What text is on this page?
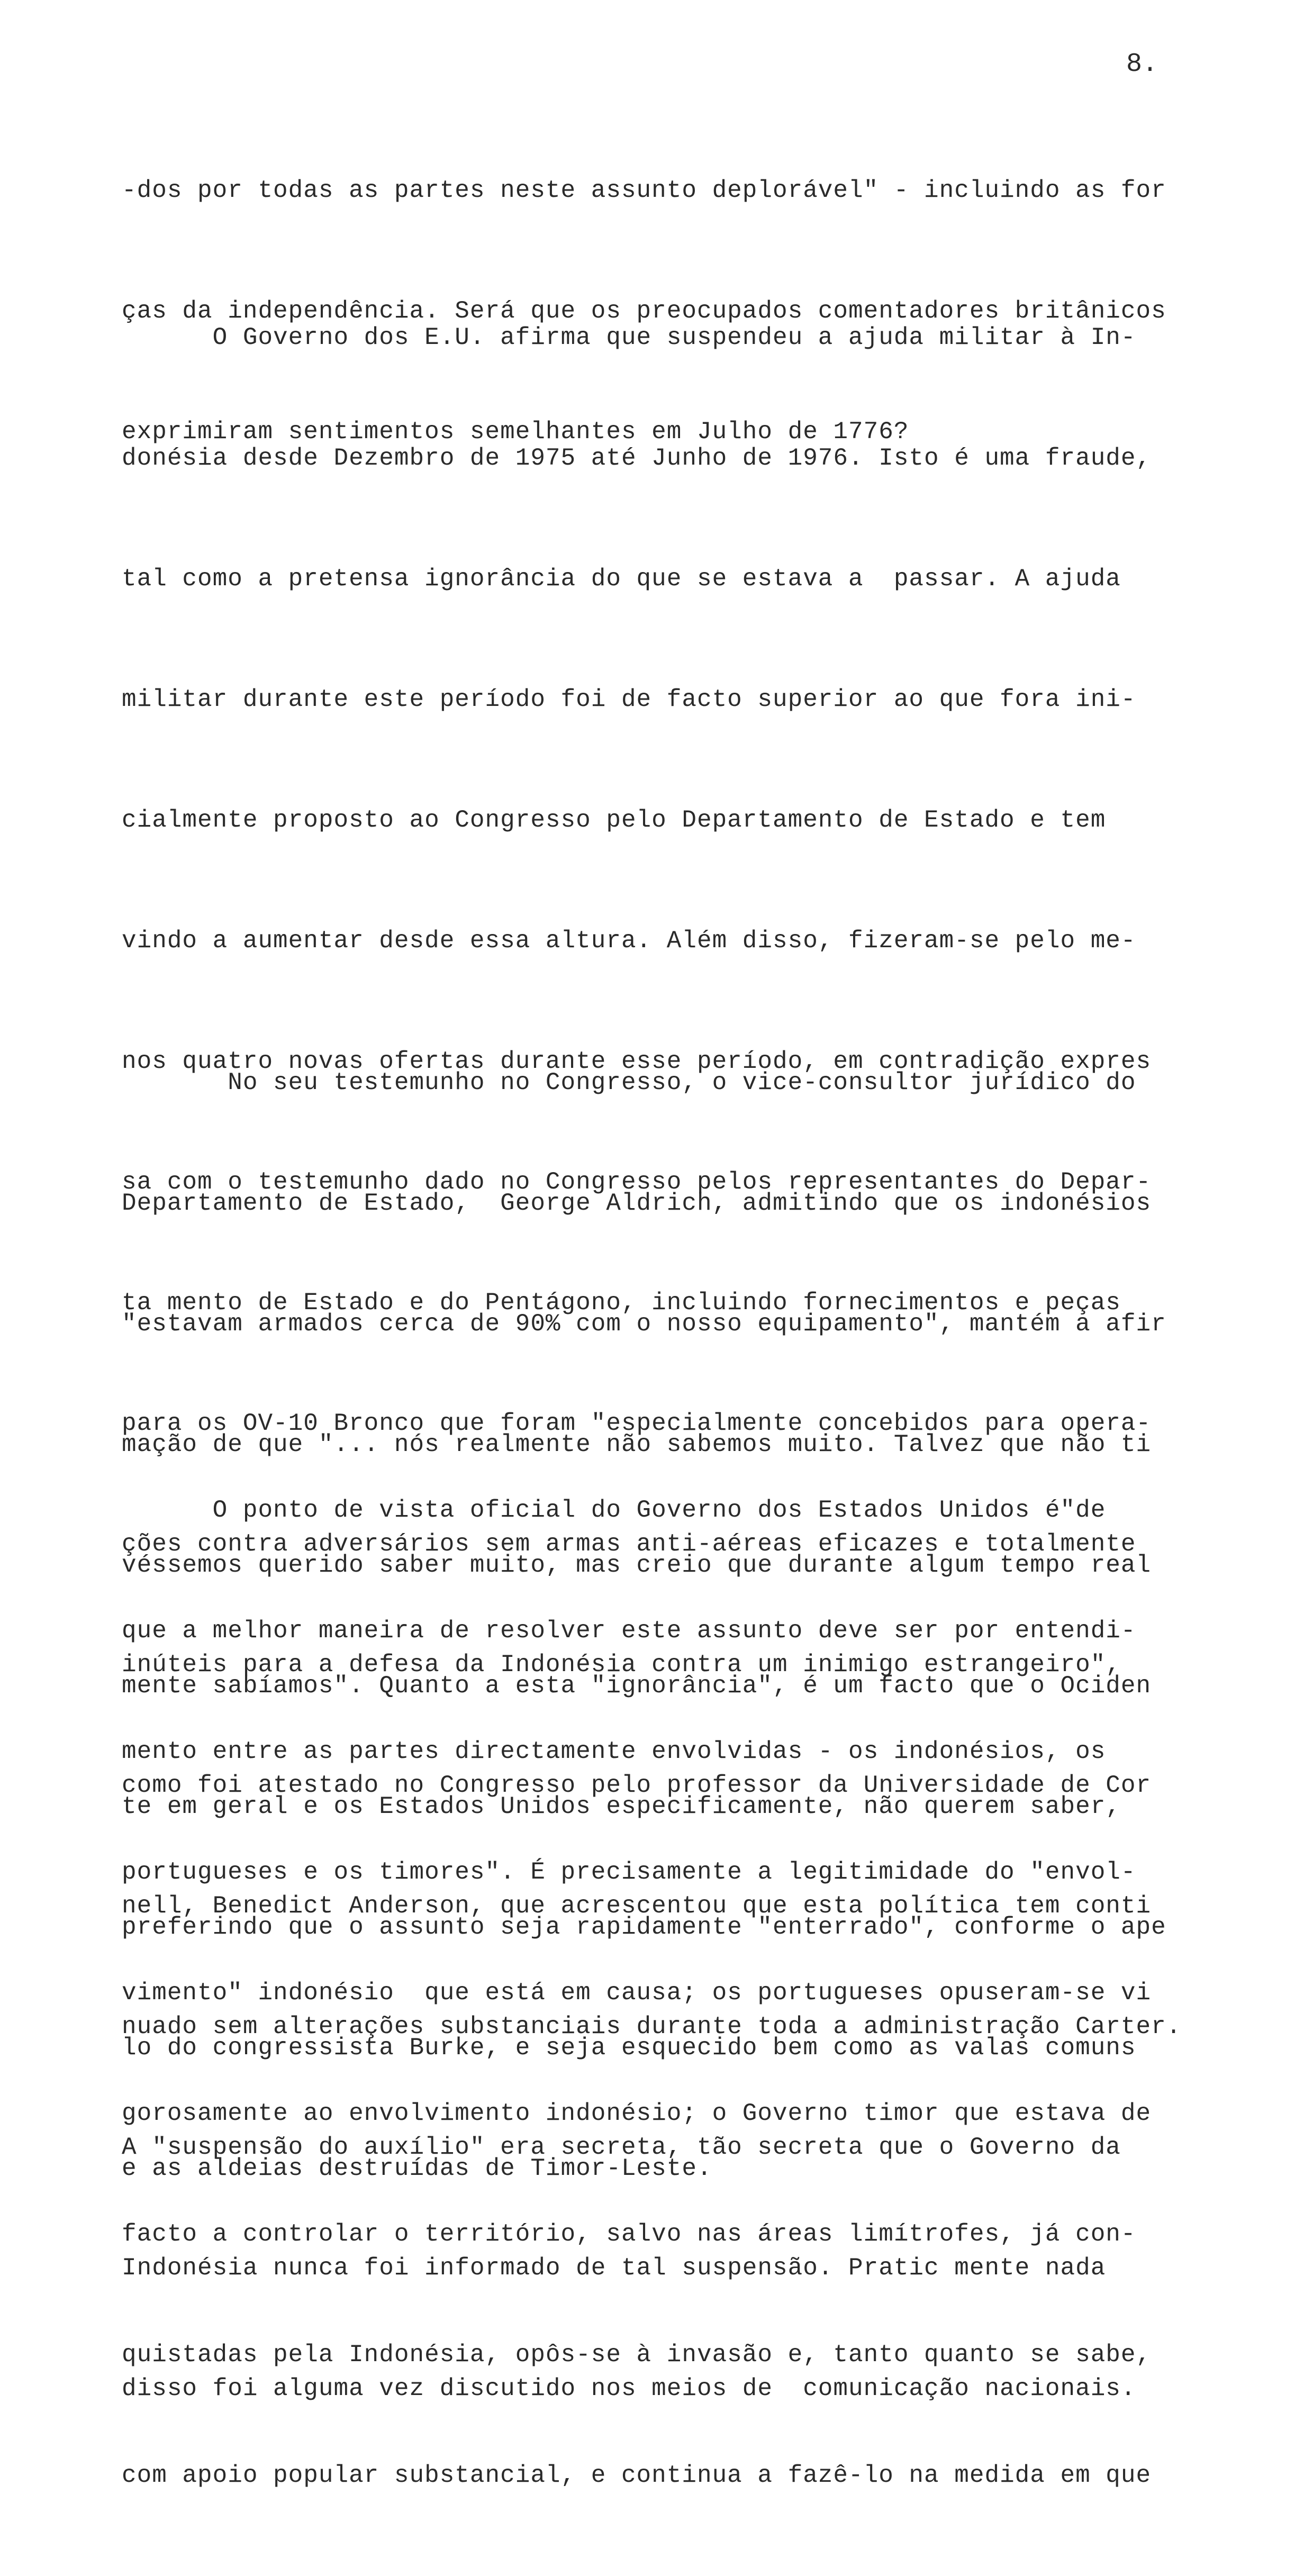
8.

-dos por todas as partes neste assunto deplorável" - incluindo as for

ças da independência. Será que os preocupados comentadores britânicos

exprimiram sentimentos semelhantes em Julho de 1776?

O Governo dos E.U. afirma que suspendeu a ajuda militar à In-

donésia desde Dezembro de 1975 até Junho de 1976. Isto é uma fraude,

tal como a pretensa ignorância do que se estava a  passar. A ajuda

militar durante este período foi de facto superior ao que fora ini-

cialmente proposto ao Congresso pelo Departamento de Estado e tem

vindo a aumentar desde essa altura. Além disso, fizeram-se pelo me-

nos quatro novas ofertas durante esse período, em contradição expres

sa com o testemunho dado no Congresso pelos representantes do Depar-

ta mento de Estado e do Pentágono, incluindo fornecimentos e peças

para os OV-10 Bronco que foram "especialmente concebidos para opera-

ções contra adversários sem armas anti-aéreas eficazes e totalmente

inúteis para a defesa da Indonésia contra um inimigo estrangeiro",

como foi atestado no Congresso pelo professor da Universidade de Cor

nell, Benedict Anderson, que acrescentou que esta política tem conti

nuado sem alterações substanciais durante toda a administração Carter.

A "suspensão do auxílio" era secreta, tão secreta que o Governo da

Indonésia nunca foi informado de tal suspensão. Pratic mente nada

disso foi alguma vez discutido nos meios de  comunicação nacionais.

No seu testemunho no Congresso, o vice-consultor jurídico do

Departamento de Estado,  George Aldrich, admitindo que os indonésios

"estavam armados cerca de 90% com o nosso equipamento", mantém a afir

mação de que "... nós realmente não sabemos muito. Talvez que não ti

véssemos querido saber muito, mas creio que durante algum tempo real

mente sabíamos". Quanto a esta "ignorância", é um facto que o Ociden

te em geral e os Estados Unidos especificamente, não querem saber,

preferindo que o assunto seja rapidamente "enterrado", conforme o ape

lo do congressista Burke, e seja esquecido bem como as valas comuns

e as aldeias destruídas de Timor-Leste.

O ponto de vista oficial do Governo dos Estados Unidos é"de

que a melhor maneira de resolver este assunto deve ser por entendi-

mento entre as partes directamente envolvidas - os indonésios, os

portugueses e os timores". É precisamente a legitimidade do "envol-

vimento" indonésio  que está em causa; os portugueses opuseram-se vi

gorosamente ao envolvimento indonésio; o Governo timor que estava de

facto a controlar o território, salvo nas áreas limítrofes, já con-

quistadas pela Indonésia, opôs-se à invasão e, tanto quanto se sabe,

com apoio popular substancial, e continua a fazê-lo na medida em que
